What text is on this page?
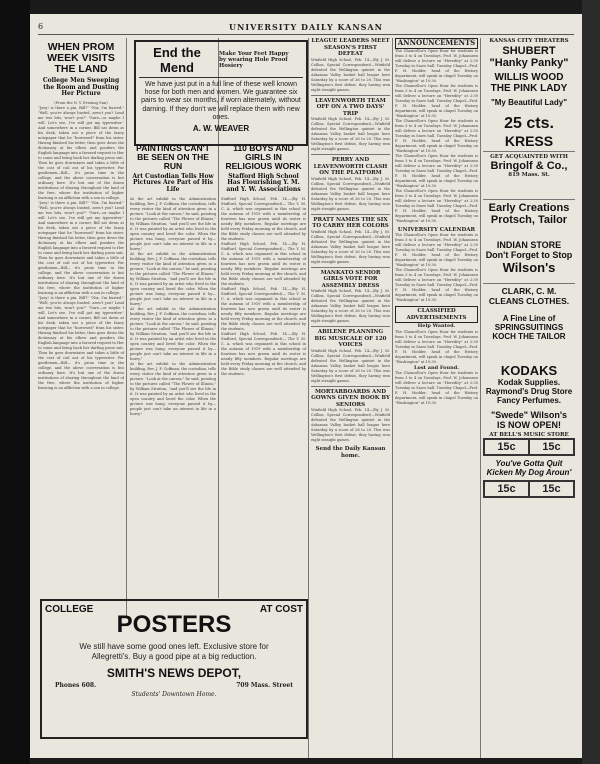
6	UNIVERSITY DAILY KANSAN
WHEN PROM WEEK VISITS THE LAND
College Men Sweeping the Room and Dusting Her Picture
(From the N. Y. Evening Sun)
"Joey! is there a pin, Bill?" "Nix, I'm busted." "Well, you're always busted, aren't you? Lend me two bits, won't you?" "Sure—or maybe I will. Let's see, I've still got my typewriter." And somewhere in a corner, Bill sat down at his desk, taken out a piece of the fancy notepaper that he "borrowed" from his sister. Having finished his letter, then goes down the dictionary at his elbow and ponders the English language into a favored request to Her to come and bring back her darling prom suit. Then he goes downstairs and takes a little of the cost of coil out of his typewriter. For gentlemen—Bill— it's prom time in the college, and the above conversation is but ordinary here. It's but one of the dozen institutions of sharing throughout the land of the free, where the institution of higher learning is an affliction with a son in college.
"Joey! is there a pin, Bill?" "Nix, I'm busted." "Well, you're always busted, aren't you? Lend me two bits, won't you?" "Sure—or maybe I will. Let's see, I've still got my typewriter." And somewhere in a corner, Bill sat down at his desk, taken out a piece of the fancy notepaper that he "borrowed" from his sister. Having finished his letter, then goes down the dictionary at his elbow and ponders the English language into a favored request to Her to come and bring back her darling prom suit. Then he goes downstairs and takes a little of the cost of coil out of his typewriter. For gentlemen—Bill— it's prom time in the college, and the above conversation is but ordinary here. It's but one of the dozen institutions of sharing throughout the land of the free, where the institution of higher learning is an affliction with a son in college.
"Joey! is there a pin, Bill?" "Nix, I'm busted." "Well, you're always busted, aren't you? Lend me two bits, won't you?" "Sure—or maybe I will. Let's see, I've still got my typewriter." And somewhere in a corner, Bill sat down at his desk, taken out a piece of the fancy notepaper that he "borrowed" from his sister. Having finished his letter, then goes down the dictionary at his elbow and ponders the English language into a favored request to Her to come and bring back her darling prom suit. Then he goes downstairs and takes a little of the cost of coil out of his typewriter. For gentlemen—Bill— it's prom time in the college, and the above conversation is but ordinary here. It's but one of the dozen institutions of sharing throughout the land of the free, where the institution of higher learning is an affliction with a son in college.
End the Mend
Make Your Feet Happy
by wearing Hole Proof Hosiery
We have just put in a full line of these well known hose for both men and women. We guarantee six pairs to wear six months, if worn alternately, without darning. If they don't we will replace them with new ones.
A. W. WEAVER
PAINTINGS CAN'T BE SEEN ON THE RUN
Art Custodian Tells How Pictures Are Part of His Life
At the art exhibit in the Administration building, Rev. J. F. Coffman, the custodian, tells every visitor the kind of attention given in a picture. "Look at the canvas," he said, pointing to the pictures called "The Flower of Illinois," by William Stratton, "and you'll see the life in it. It was painted by an artist who lived in the open country and loved the color. When the picture was hung, everyone passed it by—people just can't take an interest in life in a hurry."
At the art exhibit in the Administration building, Rev. J. F. Coffman, the custodian, tells every visitor the kind of attention given in a picture. "Look at the canvas," he said, pointing to the pictures called "The Flower of Illinois," by William Stratton, "and you'll see the life in it. It was painted by an artist who lived in the open country and loved the color. When the picture was hung, everyone passed it by—people just can't take an interest in life in a hurry."
At the art exhibit in the Administration building, Rev. J. F. Coffman, the custodian, tells every visitor the kind of attention given in a picture. "Look at the canvas," he said, pointing to the pictures called "The Flower of Illinois," by William Stratton, "and you'll see the life in it. It was painted by an artist who lived in the open country and loved the color. When the picture was hung, everyone passed it by—people just can't take an interest in life in a hurry."
At the art exhibit in the Administration building, Rev. J. F. Coffman, the custodian, tells every visitor the kind of attention given in a picture. "Look at the canvas," he said, pointing to the pictures called "The Flower of Illinois," by William Stratton, "and you'll see the life in it. It was painted by an artist who lived in the open country and loved the color. When the picture was hung, everyone passed it by—people just can't take an interest in life in a hurry."
110 BOYS AND GIRLS IN RELIGIOUS WORK
Stafford High School Has Flourishing Y. M. and Y. W. Associations
Stafford High School, Feb. 14.—(By H. Stafford, Special Correspondent)— The Y. M. C. A. which was organized in this school in the autumn of 1919 with a membership of fourteen has now grown until its roster is nearly fifty members. Regular meetings are held every Friday morning at the church, and the Bible study classes are well attended by the students.
Stafford High School, Feb. 14.—(By H. Stafford, Special Correspondent)— The Y. M. C. A. which was organized in this school in the autumn of 1919 with a membership of fourteen has now grown until its roster is nearly fifty members. Regular meetings are held every Friday morning at the church, and the Bible study classes are well attended by the students.
Stafford High School, Feb. 14.—(By H. Stafford, Special Correspondent)— The Y. M. C. A. which was organized in this school in the autumn of 1919 with a membership of fourteen has now grown until its roster is nearly fifty members. Regular meetings are held every Friday morning at the church, and the Bible study classes are well attended by the students.
Stafford High School, Feb. 14.—(By H. Stafford, Special Correspondent)— The Y. M. C. A. which was organized in this school in the autumn of 1919 with a membership of fourteen has now grown until its roster is nearly fifty members. Regular meetings are held every Friday morning at the church, and the Bible study classes are well attended by the students.
COLLEGE	AT COST
POSTERS
We still have some good ones left. Exclusive store for Allegretti's. Buy a good pipe at a big reduction.
SMITH'S NEWS DEPOT,
Phones 608.	709 Mass. Street
Students' Downtown Home.
LEAGUE LEADERS MEET SEASON'S FIRST DEFEAT
Winfield High School, Feb. 14—(By J. M. Collins, Special Correspondent)—Winfield defeated the Wellington quintet in the Arkansas Valley basket ball league here Saturday by a score of 26 to 20. This was Wellington's first defeat, they having won eight straight games.
LEAVENWORTH TEAM OFF ON A TWO DAYS' TRIP
Winfield High School, Feb. 14—(By J. M. Collins, Special Correspondent)—Winfield defeated the Wellington quintet in the Arkansas Valley basket ball league here Saturday by a score of 26 to 20. This was Wellington's first defeat, they having won eight straight games.
PERRY AND LEAVENWORTH CLASH ON THE PLATFORM
Winfield High School, Feb. 14—(By J. M. Collins, Special Correspondent)—Winfield defeated the Wellington quintet in the Arkansas Valley basket ball league here Saturday by a score of 26 to 20. This was Wellington's first defeat, they having won eight straight games.
PRATT NAMES THE SIX TO CARRY HER COLORS
Winfield High School, Feb. 14—(By J. M. Collins, Special Correspondent)—Winfield defeated the Wellington quintet in the Arkansas Valley basket ball league here Saturday by a score of 26 to 20. This was Wellington's first defeat, they having won eight straight games.
MANKATO SENIOR GIRLS VOTE FOR ASSEMBLY DRESS
Winfield High School, Feb. 14—(By J. M. Collins, Special Correspondent)—Winfield defeated the Wellington quintet in the Arkansas Valley basket ball league here Saturday by a score of 26 to 20. This was Wellington's first defeat, they having won eight straight games.
ABILENE PLANNING BIG MUSICALE OF 120 VOICES
Winfield High School, Feb. 14—(By J. M. Collins, Special Correspondent)—Winfield defeated the Wellington quintet in the Arkansas Valley basket ball league here Saturday by a score of 26 to 20. This was Wellington's first defeat, they having won eight straight games.
MORTARBOARDS AND GOWNS GIVEN BOOK BY SENIORS
Winfield High School, Feb. 14—(By J. M. Collins, Special Correspondent)—Winfield defeated the Wellington quintet in the Arkansas Valley basket ball league here Saturday by a score of 26 to 20. This was Wellington's first defeat, they having won eight straight games.
Send the Daily Kansan home.
ANNOUNCEMENTS
The Chancellor's Open Hour for students is from 3 to 4 on Tuesdays. Prof. W. Johannsen will deliver a lecture on "Heredity" at 2:30 Tuesday in Snow hall. Tuesday Chapel—Prof. F. H. Hodder, head of the History department, will speak in chapel Tuesday on "Washington" at 10:30.
The Chancellor's Open Hour for students is from 3 to 4 on Tuesdays. Prof. W. Johannsen will deliver a lecture on "Heredity" at 2:30 Tuesday in Snow hall. Tuesday Chapel—Prof. F. H. Hodder, head of the History department, will speak in chapel Tuesday on "Washington" at 10:30.
The Chancellor's Open Hour for students is from 3 to 4 on Tuesdays. Prof. W. Johannsen will deliver a lecture on "Heredity" at 2:30 Tuesday in Snow hall. Tuesday Chapel—Prof. F. H. Hodder, head of the History department, will speak in chapel Tuesday on "Washington" at 10:30.
The Chancellor's Open Hour for students is from 3 to 4 on Tuesdays. Prof. W. Johannsen will deliver a lecture on "Heredity" at 2:30 Tuesday in Snow hall. Tuesday Chapel—Prof. F. H. Hodder, head of the History department, will speak in chapel Tuesday on "Washington" at 10:30.
The Chancellor's Open Hour for students is from 3 to 4 on Tuesdays. Prof. W. Johannsen will deliver a lecture on "Heredity" at 2:30 Tuesday in Snow hall. Tuesday Chapel—Prof. F. H. Hodder, head of the History department, will speak in chapel Tuesday on "Washington" at 10:30.
UNIVERSITY CALENDAR
The Chancellor's Open Hour for students is from 3 to 4 on Tuesdays. Prof. W. Johannsen will deliver a lecture on "Heredity" at 2:30 Tuesday in Snow hall. Tuesday Chapel—Prof. F. H. Hodder, head of the History department, will speak in chapel Tuesday on "Washington" at 10:30.
The Chancellor's Open Hour for students is from 3 to 4 on Tuesdays. Prof. W. Johannsen will deliver a lecture on "Heredity" at 2:30 Tuesday in Snow hall. Tuesday Chapel—Prof. F. H. Hodder, head of the History department, will speak in chapel Tuesday on "Washington" at 10:30.
CLASSIFIED ADVERTISEMENTS
Help Wanted.
The Chancellor's Open Hour for students is from 3 to 4 on Tuesdays. Prof. W. Johannsen will deliver a lecture on "Heredity" at 2:30 Tuesday in Snow hall. Tuesday Chapel—Prof. F. H. Hodder, head of the History department, will speak in chapel Tuesday on "Washington" at 10:30.
Lost and Found.
The Chancellor's Open Hour for students is from 3 to 4 on Tuesdays. Prof. W. Johannsen will deliver a lecture on "Heredity" at 2:30 Tuesday in Snow hall. Tuesday Chapel—Prof. F. H. Hodder, head of the History department, will speak in chapel Tuesday on "Washington" at 10:30.
KANSAS CITY THEATERS
SHUBERT
"Hanky Panky"
WILLIS WOOD
THE PINK LADY
"My Beautiful Lady"
25 cts.
KRESS
GET ACQUAINTED WITH
Bringolf & Co.,
819 Mass. St.
Early Creations
Protsch, Tailor
INDIAN STORE
Don't Forget to Stop
Wilson's
CLARK, C. M. CLEANS CLOTHES.
A Fine Line of SPRINGSUITINGS KOCH THE TAILOR
KODAKS
Kodak Supplies.
Raymond's Drug Store
Fancy Perfumes.
"Swede" Wilson's
IS NOW OPEN!
AT BELL'S MUSIC STORE
15c	15c
You've Gotta Quit Kicken My Dog Aroun'
15c	15c
